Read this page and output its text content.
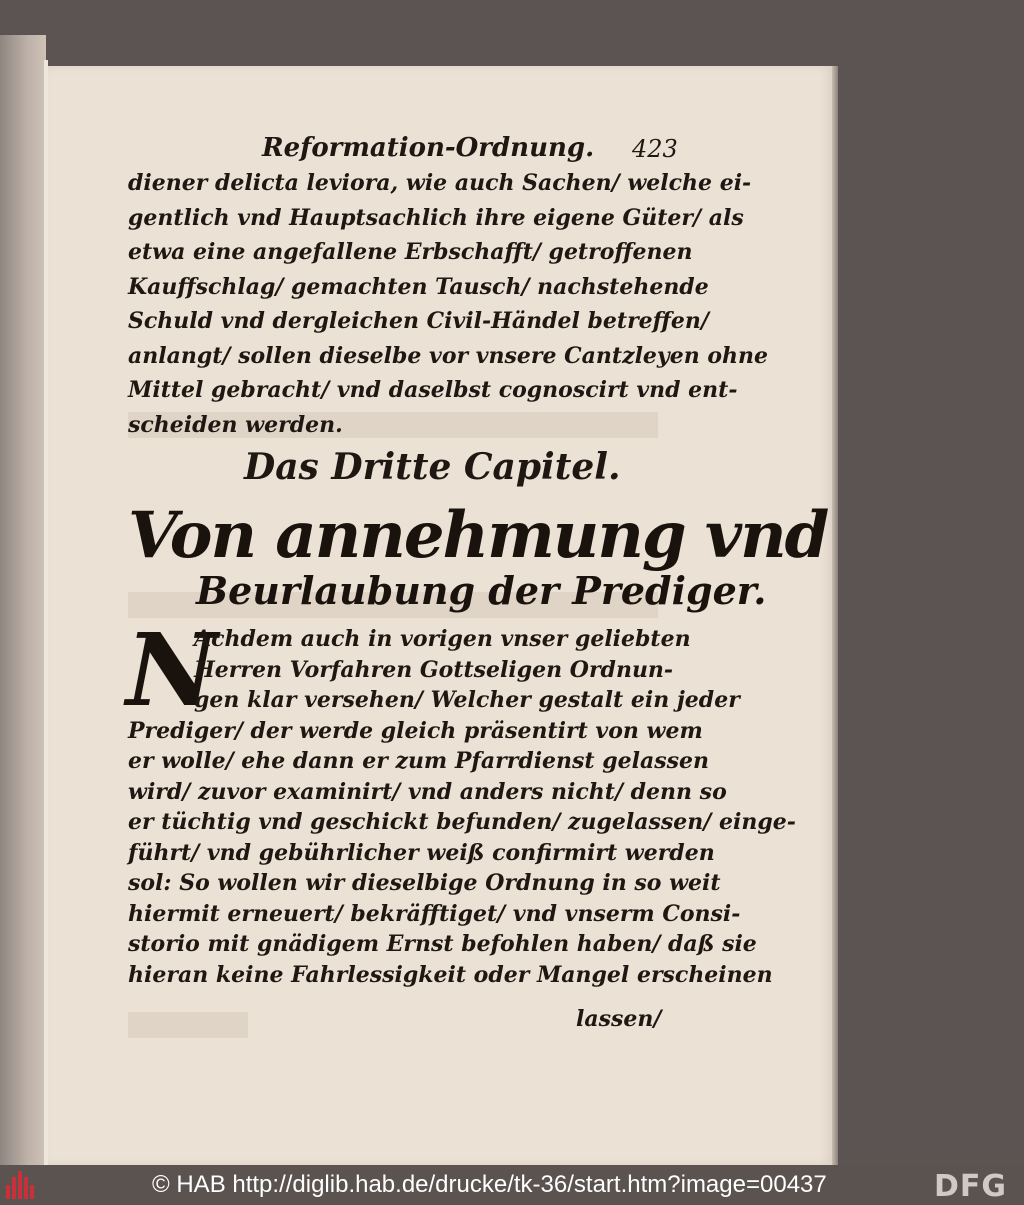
Reformation-Ordnung. 423
diener delicta leviora, wie auch Sachen/ welche ei-
gentlich vnd Hauptsachlich ihre eigene Güter/ als
etwa eine angefallene Erbschafft/ getroffenen
Kauffschlag/ gemachten Tausch/ nachstehende
Schuld vnd dergleichen Civil-Händel betreffen/
anlangt/ sollen dieselbe vor vnsere Cantzleyen ohne
Mittel gebracht/ vnd daselbst cognoscirt vnd ent-
scheiden werden.
Das Dritte Capitel.
Von annehmung vnd
Beurlaubung der Prediger.
N
Achdem auch in vorigen vnser geliebten
Herren Vorfahren Gottseligen Ordnun-
gen klar versehen/ Welcher gestalt ein jeder
Prediger/ der werde gleich präsentirt von wem
er wolle/ ehe dann er zum Pfarrdienst gelassen
wird/ zuvor examinirt/ vnd anders nicht/ denn so
er tüchtig vnd geschickt befunden/ zugelassen/ einge-
führt/ vnd gebührlicher weiß confirmirt werden
sol: So wollen wir dieselbige Ordnung in so weit
hiermit erneuert/ bekräfftiget/ vnd vnserm Consi-
storio mit gnädigem Ernst befohlen haben/ daß sie
hieran keine Fahrlessigkeit oder Mangel erscheinen
lassen/
© HAB http://diglib.hab.de/drucke/tk-36/start.htm?image=00437	DFG
